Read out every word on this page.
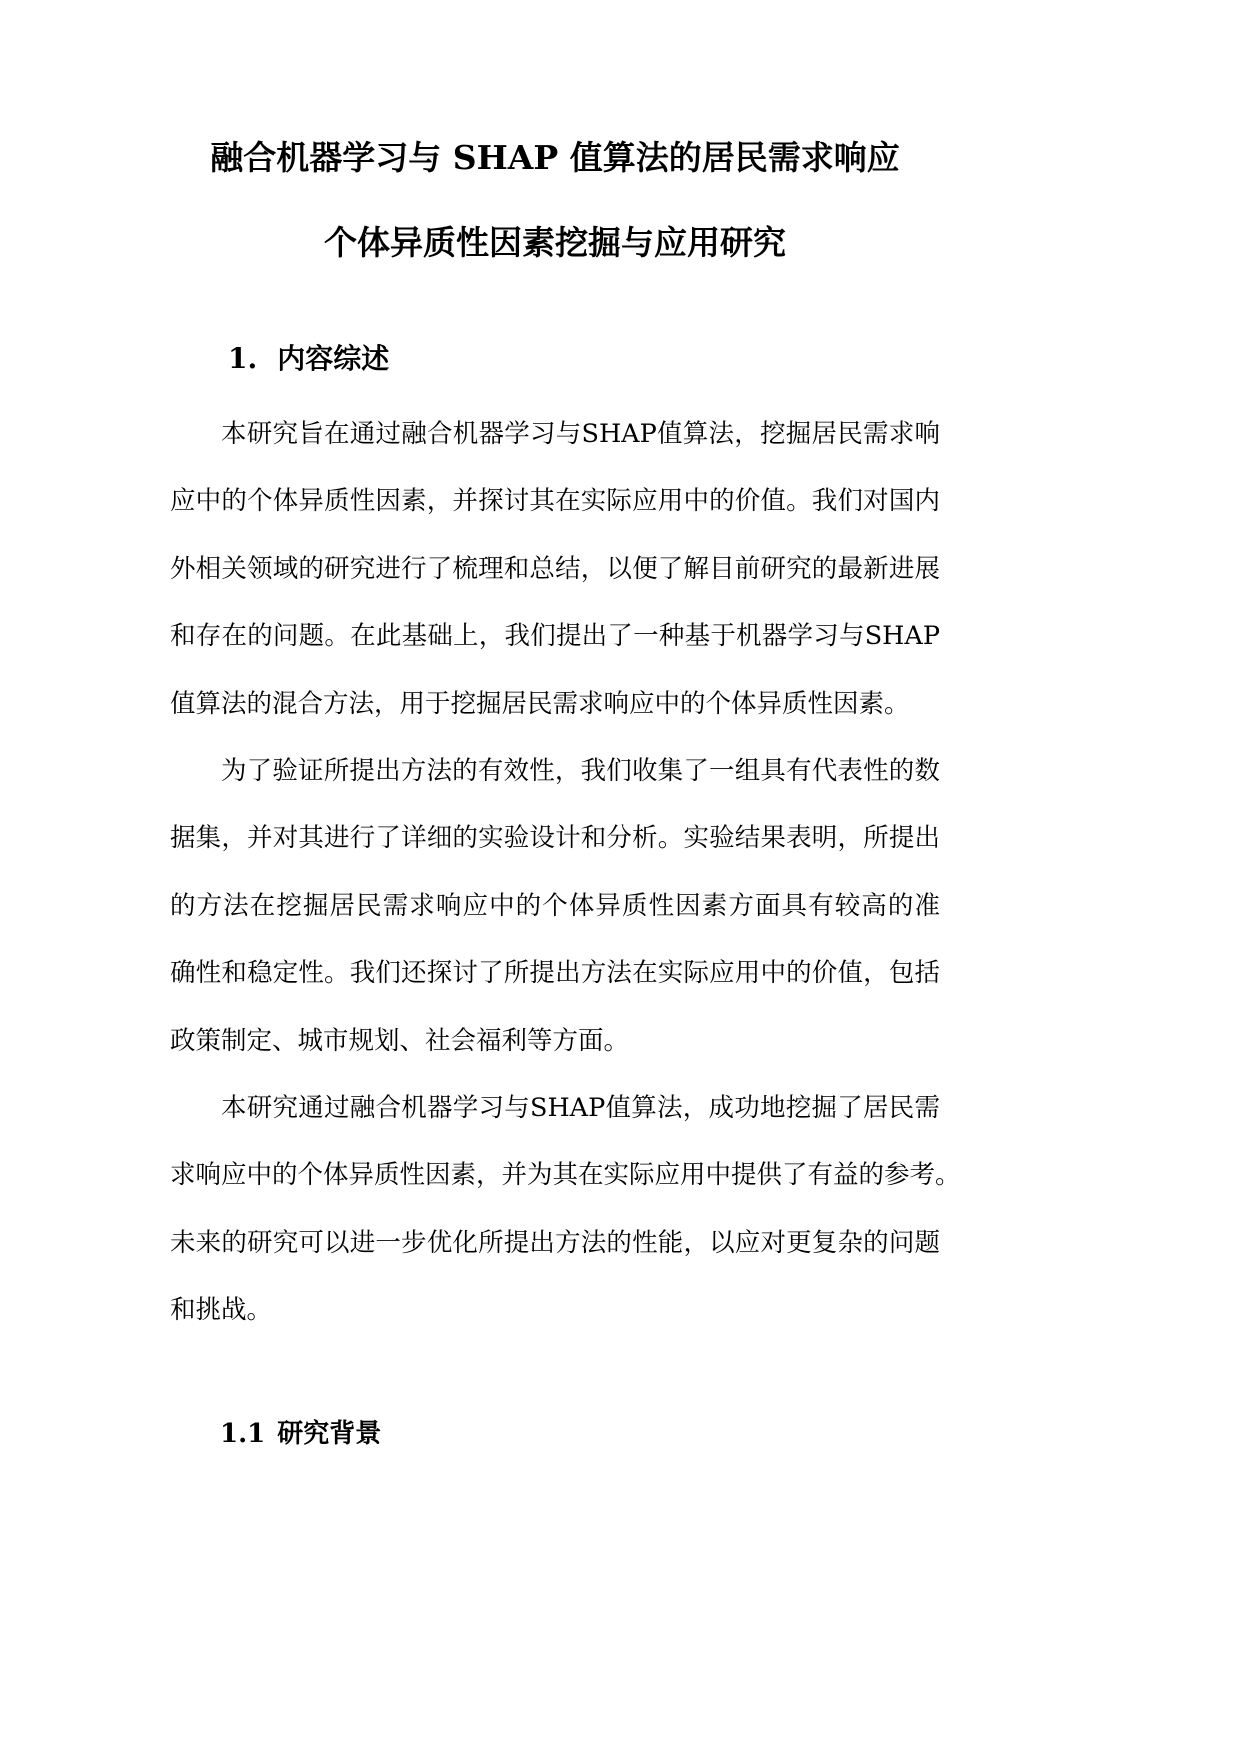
融合机器学习与 SHAP 值算法的居民需求响应
个体异质性因素挖掘与应用研究
1. 内容综述
本研究旨在通过融合机器学习与SHAP值算法，挖掘居民需求响
应中的个体异质性因素，并探讨其在实际应用中的价值。我们对国内
外相关领域的研究进行了梳理和总结，以便了解目前研究的最新进展
和存在的问题。在此基础上，我们提出了一种基于机器学习与SHAP
值算法的混合方法，用于挖掘居民需求响应中的个体异质性因素。
为了验证所提出方法的有效性，我们收集了一组具有代表性的数
据集，并对其进行了详细的实验设计和分析。实验结果表明，所提出
的方法在挖掘居民需求响应中的个体异质性因素方面具有较高的准
确性和稳定性。我们还探讨了所提出方法在实际应用中的价值，包括
政策制定、城市规划、社会福利等方面。
本研究通过融合机器学习与SHAP值算法，成功地挖掘了居民需
求响应中的个体异质性因素，并为其在实际应用中提供了有益的参考。
未来的研究可以进一步优化所提出方法的性能，以应对更复杂的问题
和挑战。
1.1 研究背景
